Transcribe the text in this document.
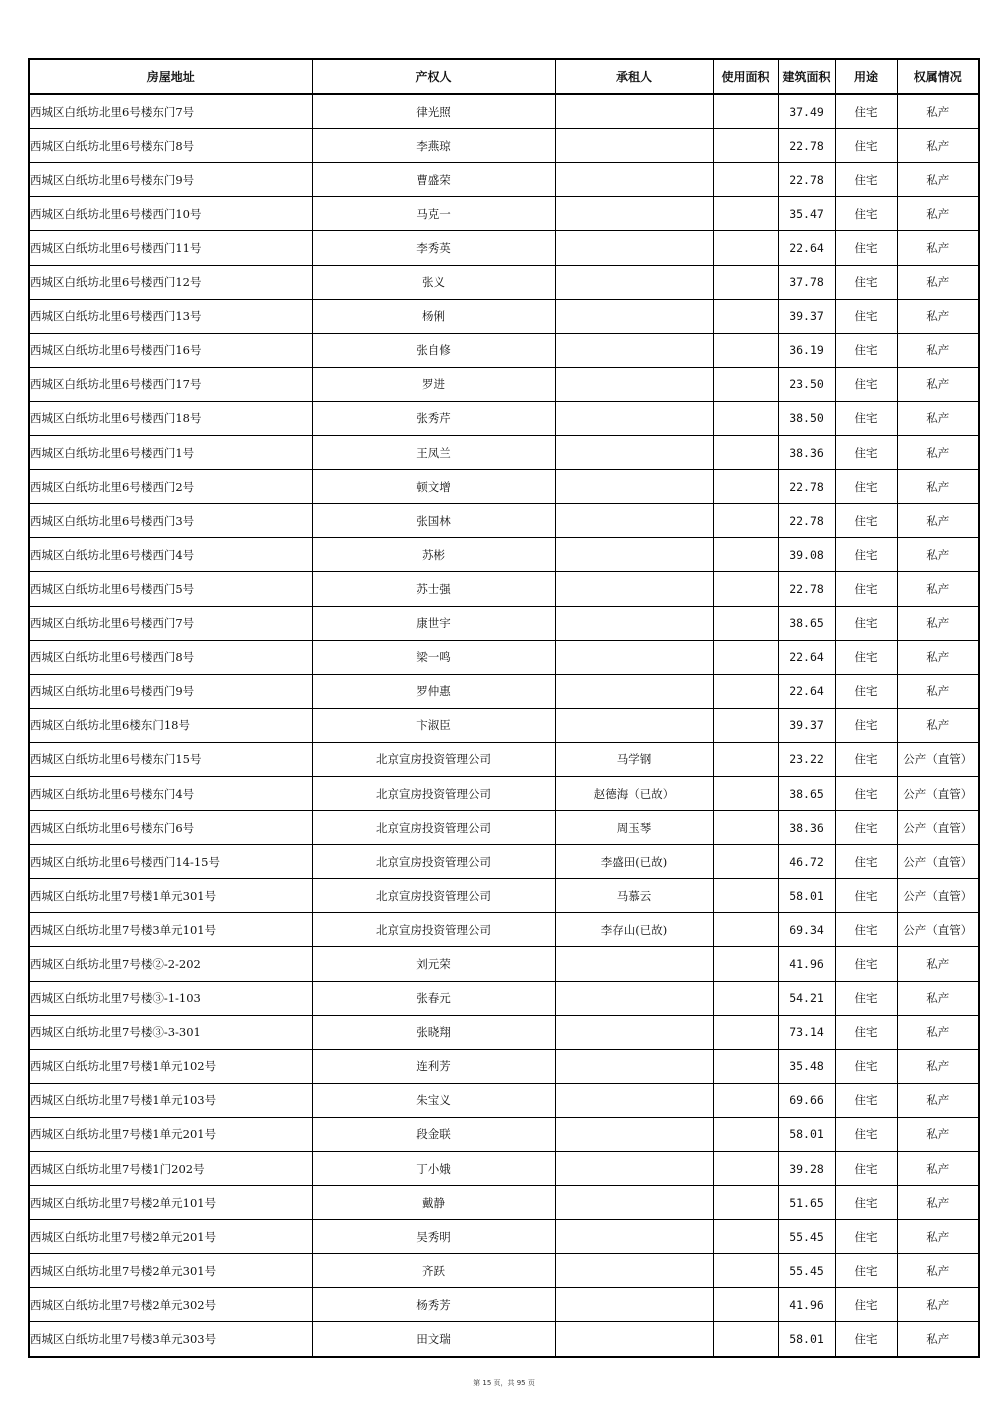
房屋地址	产权人	承租人	使用面积	建筑面积	用途	权属情况
西城区白纸坊北里6号楼东门7号	律光照			37.49	住宅	私产
西城区白纸坊北里6号楼东门8号	李燕琼			22.78	住宅	私产
西城区白纸坊北里6号楼东门9号	曹盛荣			22.78	住宅	私产
西城区白纸坊北里6号楼西门10号	马克一			35.47	住宅	私产
西城区白纸坊北里6号楼西门11号	李秀英			22.64	住宅	私产
西城区白纸坊北里6号楼西门12号	张义			37.78	住宅	私产
西城区白纸坊北里6号楼西门13号	杨俐			39.37	住宅	私产
西城区白纸坊北里6号楼西门16号	张自修			36.19	住宅	私产
西城区白纸坊北里6号楼西门17号	罗进			23.50	住宅	私产
西城区白纸坊北里6号楼西门18号	张秀芹			38.50	住宅	私产
西城区白纸坊北里6号楼西门1号	王凤兰			38.36	住宅	私产
西城区白纸坊北里6号楼西门2号	顿文增			22.78	住宅	私产
西城区白纸坊北里6号楼西门3号	张国林			22.78	住宅	私产
西城区白纸坊北里6号楼西门4号	苏彬			39.08	住宅	私产
西城区白纸坊北里6号楼西门5号	苏士强			22.78	住宅	私产
西城区白纸坊北里6号楼西门7号	康世宇			38.65	住宅	私产
西城区白纸坊北里6号楼西门8号	梁一鸣			22.64	住宅	私产
西城区白纸坊北里6号楼西门9号	罗仲惠			22.64	住宅	私产
西城区白纸坊北里6楼东门18号	卞淑臣			39.37	住宅	私产
西城区白纸坊北里6号楼东门15号	北京宣房投资管理公司	马学钢		23.22	住宅	公产（直管）
西城区白纸坊北里6号楼东门4号	北京宣房投资管理公司	赵德海（已故）		38.65	住宅	公产（直管）
西城区白纸坊北里6号楼东门6号	北京宣房投资管理公司	周玉琴		38.36	住宅	公产（直管）
西城区白纸坊北里6号楼西门14-15号	北京宣房投资管理公司	李盛田(已故)		46.72	住宅	公产（直管）
西城区白纸坊北里7号楼1单元301号	北京宣房投资管理公司	马慕云		58.01	住宅	公产（直管）
西城区白纸坊北里7号楼3单元101号	北京宣房投资管理公司	李存山(已故)		69.34	住宅	公产（直管）
西城区白纸坊北里7号楼②-2-202	刘元荣			41.96	住宅	私产
西城区白纸坊北里7号楼③-1-103	张春元			54.21	住宅	私产
西城区白纸坊北里7号楼③-3-301	张晓翔			73.14	住宅	私产
西城区白纸坊北里7号楼1单元102号	连利芳			35.48	住宅	私产
西城区白纸坊北里7号楼1单元103号	朱宝义			69.66	住宅	私产
西城区白纸坊北里7号楼1单元201号	段金联			58.01	住宅	私产
西城区白纸坊北里7号楼1门202号	丁小娥			39.28	住宅	私产
西城区白纸坊北里7号楼2单元101号	戴静			51.65	住宅	私产
西城区白纸坊北里7号楼2单元201号	吴秀明			55.45	住宅	私产
西城区白纸坊北里7号楼2单元301号	齐跃			55.45	住宅	私产
西城区白纸坊北里7号楼2单元302号	杨秀芳			41.96	住宅	私产
西城区白纸坊北里7号楼3单元303号	田文瑞			58.01	住宅	私产
第 15 页，共 95 页
